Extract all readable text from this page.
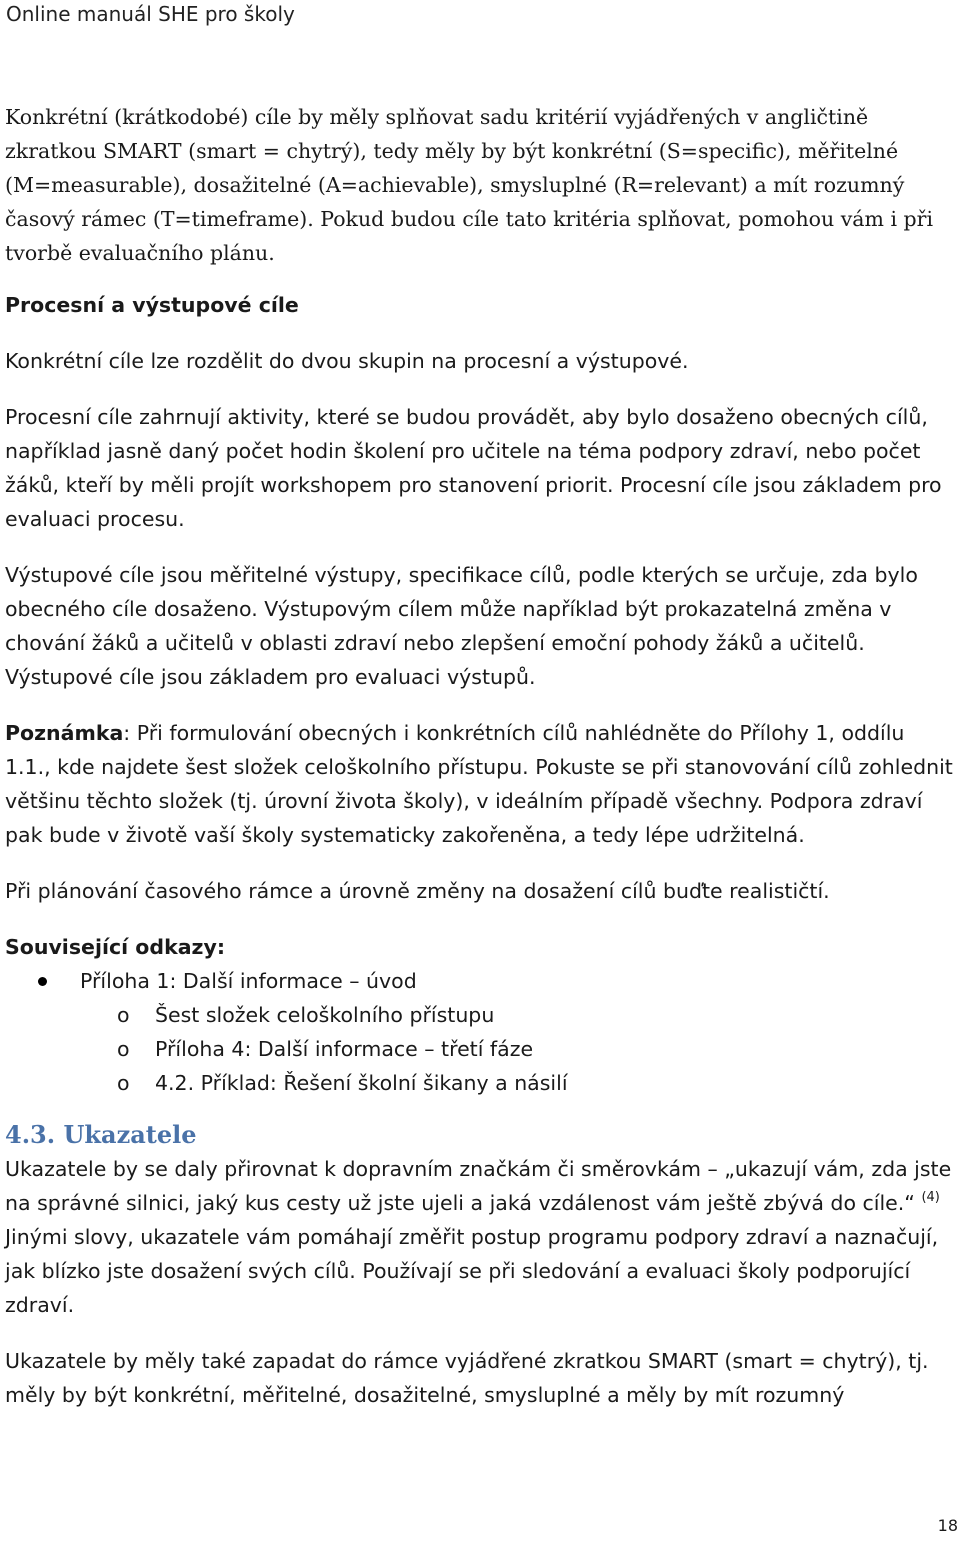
Online manuál SHE pro školy

Konkrétní (krátkodobé) cíle by měly splňovat sadu kritérií vyjádřených v angličtině zkratkou SMART (smart = chytrý), tedy měly by být konkrétní (S=specific), měřitelné (M=measurable), dosažitelné (A=achievable), smysluplné (R=relevant) a mít rozumný časový rámec (T=timeframe). Pokud budou cíle tato kritéria splňovat, pomohou vám i při tvorbě evaluačního plánu.

Procesní a výstupové cíle

Konkrétní cíle lze rozdělit do dvou skupin na procesní a výstupové.

Procesní cíle zahrnují aktivity, které se budou provádět, aby bylo dosaženo obecných cílů, například jasně daný počet hodin školení pro učitele na téma podpory zdraví, nebo počet žáků, kteří by měli projít workshopem pro stanovení priorit. Procesní cíle jsou základem pro evaluaci procesu.

Výstupové cíle jsou měřitelné výstupy, specifikace cílů, podle kterých se určuje, zda bylo obecného cíle dosaženo. Výstupovým cílem může například být prokazatelná změna v chování žáků a učitelů v oblasti zdraví nebo zlepšení emoční pohody žáků a učitelů. Výstupové cíle jsou základem pro evaluaci výstupů.

Poznámka: Při formulování obecných i konkrétních cílů nahlédněte do Přílohy 1, oddílu 1.1., kde najdete šest složek celoškolního přístupu. Pokuste se při stanovování cílů zohlednit většinu těchto složek (tj. úrovní života školy), v ideálním případě všechny. Podpora zdraví pak bude v životě vaší školy systematicky zakořeněna, a tedy lépe udržitelná.

Při plánování časového rámce a úrovně změny na dosažení cílů buďte realističtí.

Související odkazy:

Příloha 1: Další informace – úvod
o Šest složek celoškolního přístupu
o Příloha 4: Další informace – třetí fáze
o 4.2. Příklad: Řešení školní šikany a násilí

4.3. Ukazatele

Ukazatele by se daly přirovnat k dopravním značkám či směrovkám – „ukazují vám, zda jste na správné silnici, jaký kus cesty už jste ujeli a jaká vzdálenost vám ještě zbývá do cíle.“ $^{(4)}$ Jinými slovy, ukazatele vám pomáhají změřit postup programu podpory zdraví a naznačují, jak blízko jste dosažení svých cílů. Používají se při sledování a evaluaci školy podporující zdraví.

Ukazatele by měly také zapadat do rámce vyjádřené zkratkou SMART (smart = chytrý), tj. měly by být konkrétní, měřitelné, dosažitelné, smysluplné a měly by mít rozumný

18
